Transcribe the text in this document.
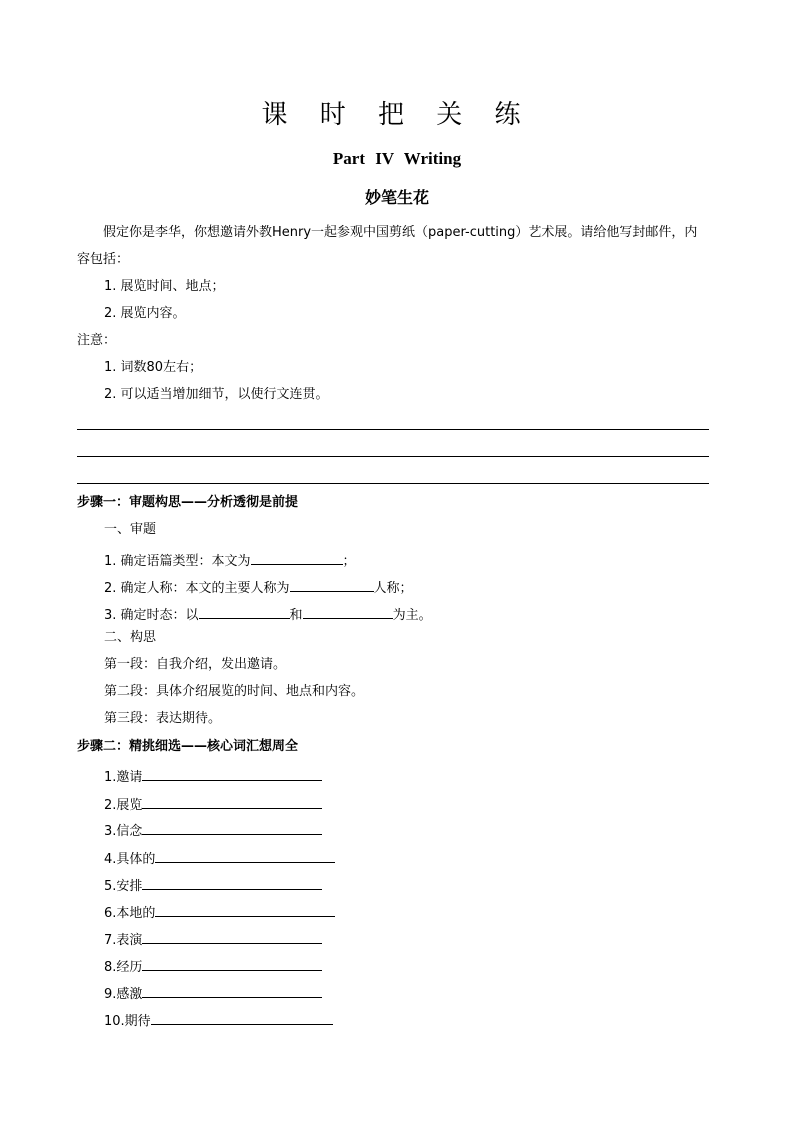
课 时 把 关 练
Part IV Writing
妙笔生花
假定你是李华，你想邀请外教Henry一起参观中国剪纸（paper-cutting）艺术展。请给他写封邮件，内
容包括：
1. 展览时间、地点；
2. 展览内容。
注意：
1. 词数80左右；
2. 可以适当增加细节，以使行文连贯。
步骤一：审题构思——分析透彻是前提
一、审题
1. 确定语篇类型：本文为	；
2. 确定人称：本文的主要人称为	人称；
3. 确定时态：以	和	为主。
二、构思
第一段：自我介绍，发出邀请。
第二段：具体介绍展览的时间、地点和内容。
第三段：表达期待。
步骤二：精挑细选——核心词汇想周全
1.邀请
2.展览
3.信念
4.具体的
5.安排
6.本地的
7.表演
8.经历
9.感激
10.期待
